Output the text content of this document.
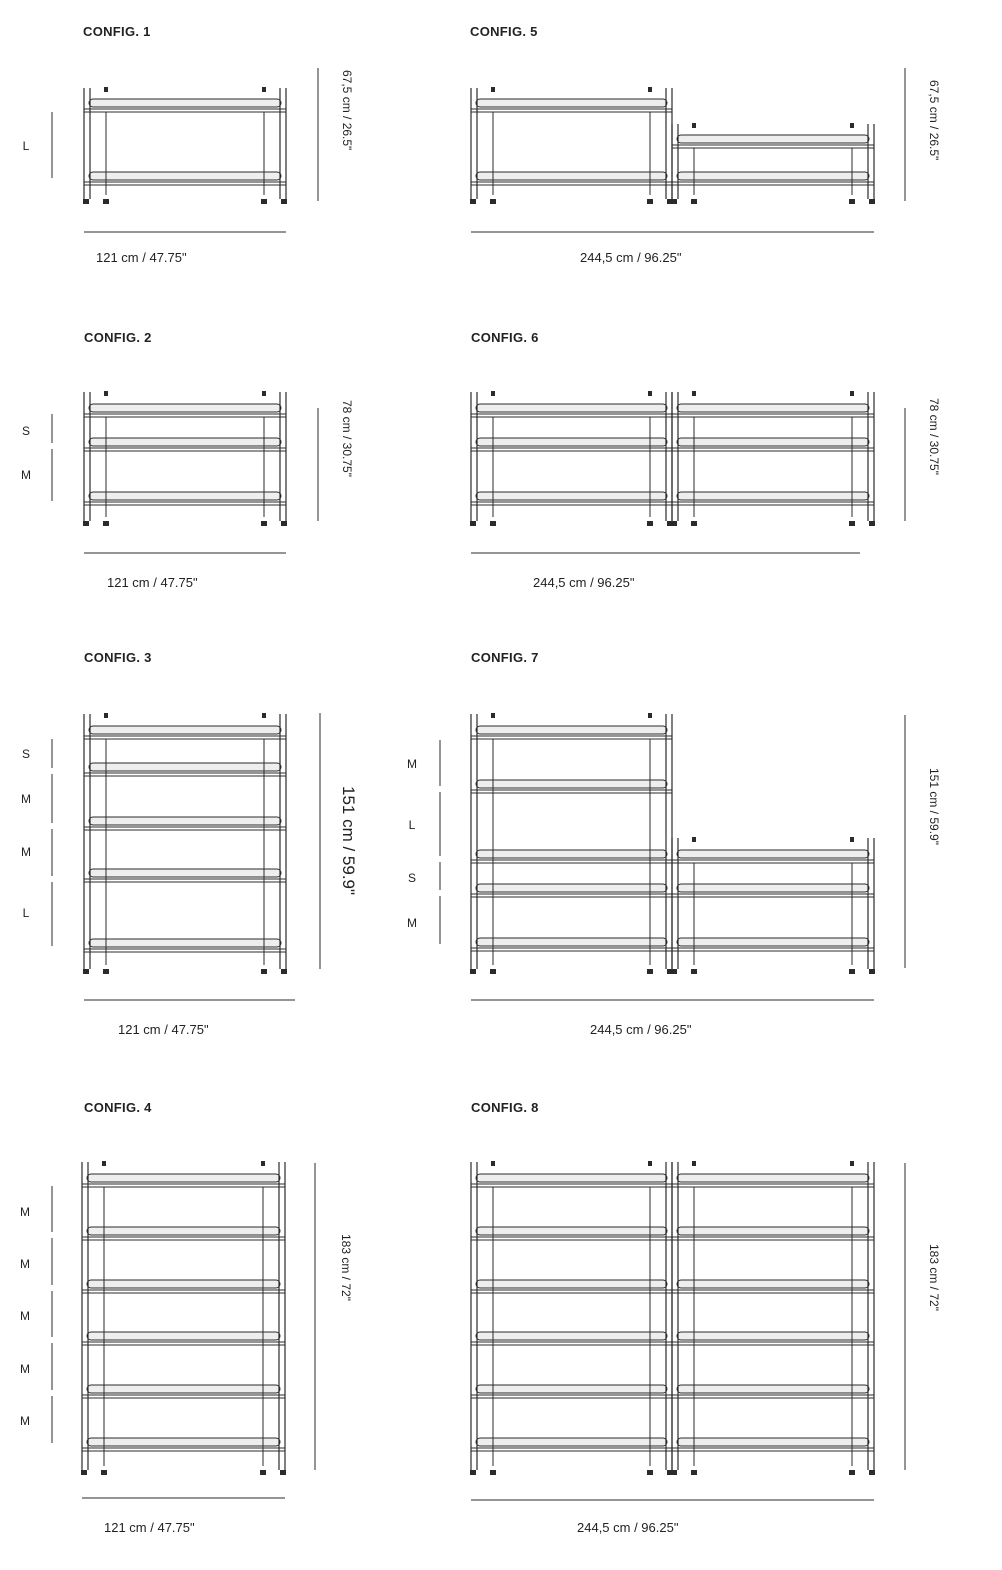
CONFIG. 1	CONFIG. 5
CONFIG. 2	CONFIG. 6
CONFIG. 3	CONFIG. 7
CONFIG. 4	CONFIG. 8
121 cm / 47.75"	244,5 cm / 96.25"
121 cm / 47.75"	244,5 cm / 96.25"
121 cm / 47.75"	244,5 cm / 96.25"
121 cm / 47.75"	244,5 cm / 96.25"
67,5 cm / 26.5"	67,5 cm / 26.5"
78 cm / 30.75"	78 cm / 30.75"
151 cm / 59.9"	151 cm / 59.9"
183 cm / 72"	183 cm / 72"
L
S
M
S
M
M
L
M
L
S
M
M
M
M
M
M
